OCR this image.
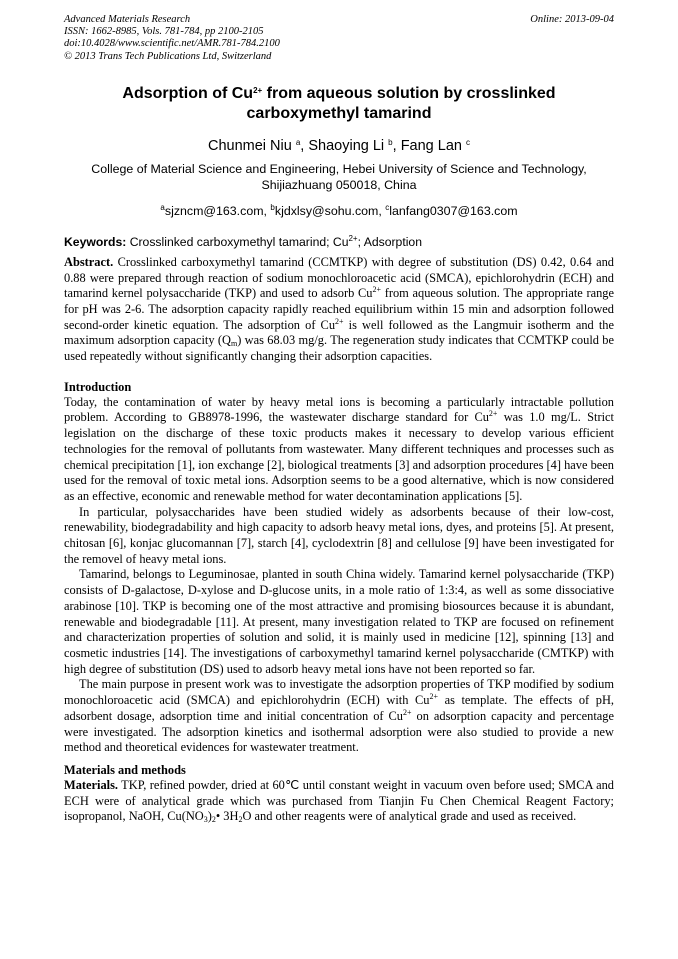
Advanced Materials Research
ISSN: 1662-8985, Vols. 781-784, pp 2100-2105
doi:10.4028/www.scientific.net/AMR.781-784.2100
© 2013 Trans Tech Publications Ltd, Switzerland
Online: 2013-09-04
Adsorption of $Cu^{2+}$ from aqueous solution by crosslinked carboxymethyl tamarind
Chunmei Niu $^a$, Shaoying Li $^b$, Fang Lan $^c$
College of Material Science and Engineering, Hebei University of Science and Technology,
Shijiazhuang 050018, China
$^a$sjzncm@163.com, $^b$kjdxlsy@sohu.com, $^c$lanfang0307@163.com
Keywords: Crosslinked carboxymethyl tamarind; $Cu^{2+}$; Adsorption

Abstract. Crosslinked carboxymethyl tamarind (CCMTKP) with degree of substitution (DS) 0.42, 0.64 and 0.88 were prepared through reaction of sodium monochloroacetic acid (SMCA), epichlorohydrin (ECH) and tamarind kernel polysaccharide (TKP) and used to adsorb $Cu^{2+}$ from aqueous solution. The appropriate range for pH was 2-6. The adsorption capacity rapidly reached equilibrium within 15 min and adsorption followed second-order kinetic equation. The adsorption of $Cu^{2+}$ is well followed as the Langmuir isotherm and the maximum adsorption capacity $(Q_m)$ was 68.03 mg/g. The regeneration study indicates that CCMTKP could be used repeatedly without significantly changing their adsorption capacities.

Introduction

Today, the contamination of water by heavy metal ions is becoming a particularly intractable pollution problem. According to GB8978-1996, the wastewater discharge standard for $Cu^{2+}$ was 1.0 mg/L. Strict legislation on the discharge of these toxic products makes it necessary to develop various efficient technologies for the removal of pollutants from wastewater. Many different techniques and processes such as chemical precipitation [1], ion exchange [2], biological treatments [3] and adsorption procedures [4] have been used for the removal of toxic metal ions. Adsorption seems to be a good alternative, which is now considered as an effective, economic and renewable method for water decontamination applications [5].

In particular, polysaccharides have been studied widely as adsorbents because of their low-cost, renewability, biodegradability and high capacity to adsorb heavy metal ions, dyes, and proteins [5]. At present, chitosan [6], konjac glucomannan [7], starch [4], cyclodextrin [8] and cellulose [9] have been investigated for the removel of heavy metal ions.

Tamarind, belongs to Leguminosae, planted in south China widely. Tamarind kernel polysaccharide (TKP) consists of D-galactose, D-xylose and D-glucose units, in a mole ratio of 1:3:4, as well as some dissociative arabinose [10]. TKP is becoming one of the most attractive and promising biosources because it is abundant, renewable and biodegradable [11]. At present, many investigation related to TKP are focused on refinement and characterization properties of solution and solid, it is mainly used in medicine [12], spinning [13] and cosmetic industries [14]. The investigations of carboxymethyl tamarind kernel polysaccharide (CMTKP) with high degree of substitution (DS) used to adsorb heavy metal ions have not been reported so far.

The main purpose in present work was to investigate the adsorption properties of TKP modified by sodium monochloroacetic acid (SMCA) and epichlorohydrin (ECH) with $Cu^{2+}$ as template. The effects of pH, adsorbent dosage, adsorption time and initial concentration of $Cu^{2+}$ on adsorption capacity and percentage were investigated. The adsorption kinetics and isothermal adsorption were also studied to provide a new method and theoretical evidences for wastewater treatment.

Materials and methods

Materials. TKP, refined powder, dried at 60℃ until constant weight in vacuum oven before used; SMCA and ECH were of analytical grade which was purchased from Tianjin Fu Chen Chemical Reagent Factory; isopropanol, NaOH, $Cu(NO_3)_2•$ $3H_2O$ and other reagents were of analytical grade and used as received.
